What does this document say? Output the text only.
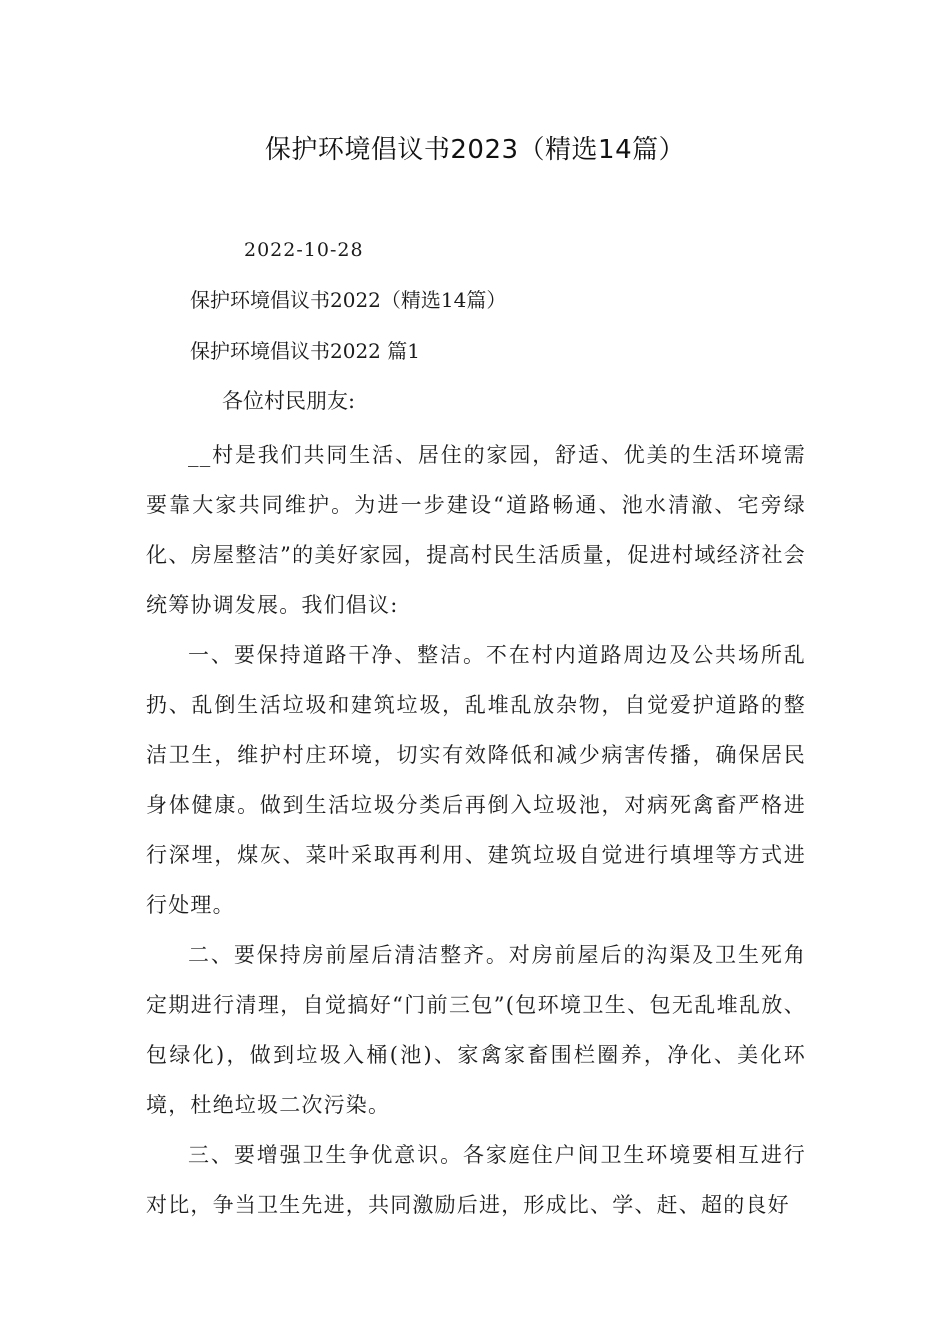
保护环境倡议书2023（精选14篇）
2022-10-28
保护环境倡议书2022（精选14篇）
保护环境倡议书2022 篇1
各位村民朋友:

__村是我们共同生活、居住的家园，舒适、优美的生活环境需要靠大家共同维护。为进一步建设“道路畅通、池水清澈、宅旁绿化、房屋整洁”的美好家园，提高村民生活质量，促进村域经济社会统筹协调发展。我们倡议:

一、要保持道路干净、整洁。不在村内道路周边及公共场所乱扔、乱倒生活垃圾和建筑垃圾，乱堆乱放杂物，自觉爱护道路的整洁卫生，维护村庄环境，切实有效降低和减少病害传播，确保居民身体健康。做到生活垃圾分类后再倒入垃圾池，对病死禽畜严格进行深埋，煤灰、菜叶采取再利用、建筑垃圾自觉进行填埋等方式进行处理。

二、要保持房前屋后清洁整齐。对房前屋后的沟渠及卫生死角定期进行清理，自觉搞好“门前三包”(包环境卫生、包无乱堆乱放、包绿化)，做到垃圾入桶(池)、家禽家畜围栏圈养，净化、美化环境，杜绝垃圾二次污染。

三、要增强卫生争优意识。各家庭住户间卫生环境要相互进行对比，争当卫生先进，共同激励后进，形成比、学、赶、超的良好
